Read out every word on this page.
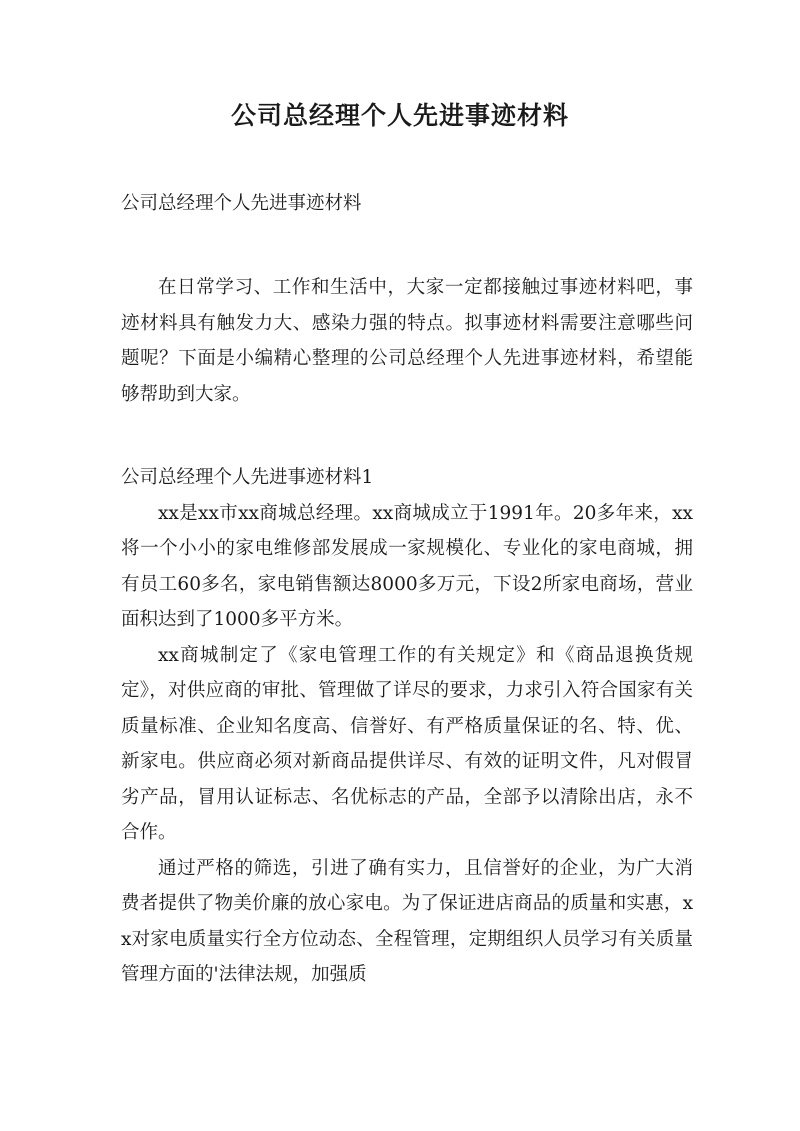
公司总经理个人先进事迹材料

公司总经理个人先进事迹材料

在日常学习、工作和生活中，大家一定都接触过事迹材料吧，事迹材料具有触发力大、感染力强的特点。拟事迹材料需要注意哪些问题呢？下面是小编精心整理的公司总经理个人先进事迹材料，希望能够帮助到大家。

公司总经理个人先进事迹材料1

xx是xx市xx商城总经理。xx商城成立于1991年。20多年来，xx将一个小小的家电维修部发展成一家规模化、专业化的家电商城，拥有员工60多名，家电销售额达8000多万元，下设2所家电商场，营业面积达到了1000多平方米。

xx商城制定了《家电管理工作的有关规定》和《商品退换货规定》，对供应商的审批、管理做了详尽的要求，力求引入符合国家有关质量标准、企业知名度高、信誉好、有严格质量保证的名、特、优、新家电。供应商必须对新商品提供详尽、有效的证明文件，凡对假冒劣产品，冒用认证标志、名优标志的产品，全部予以清除出店，永不合作。

通过严格的筛选，引进了确有实力，且信誉好的企业，为广大消费者提供了物美价廉的放心家电。为了保证进店商品的质量和实惠，xx对家电质量实行全方位动态、全程管理，定期组织人员学习有关质量管理方面的'法律法规，加强质
